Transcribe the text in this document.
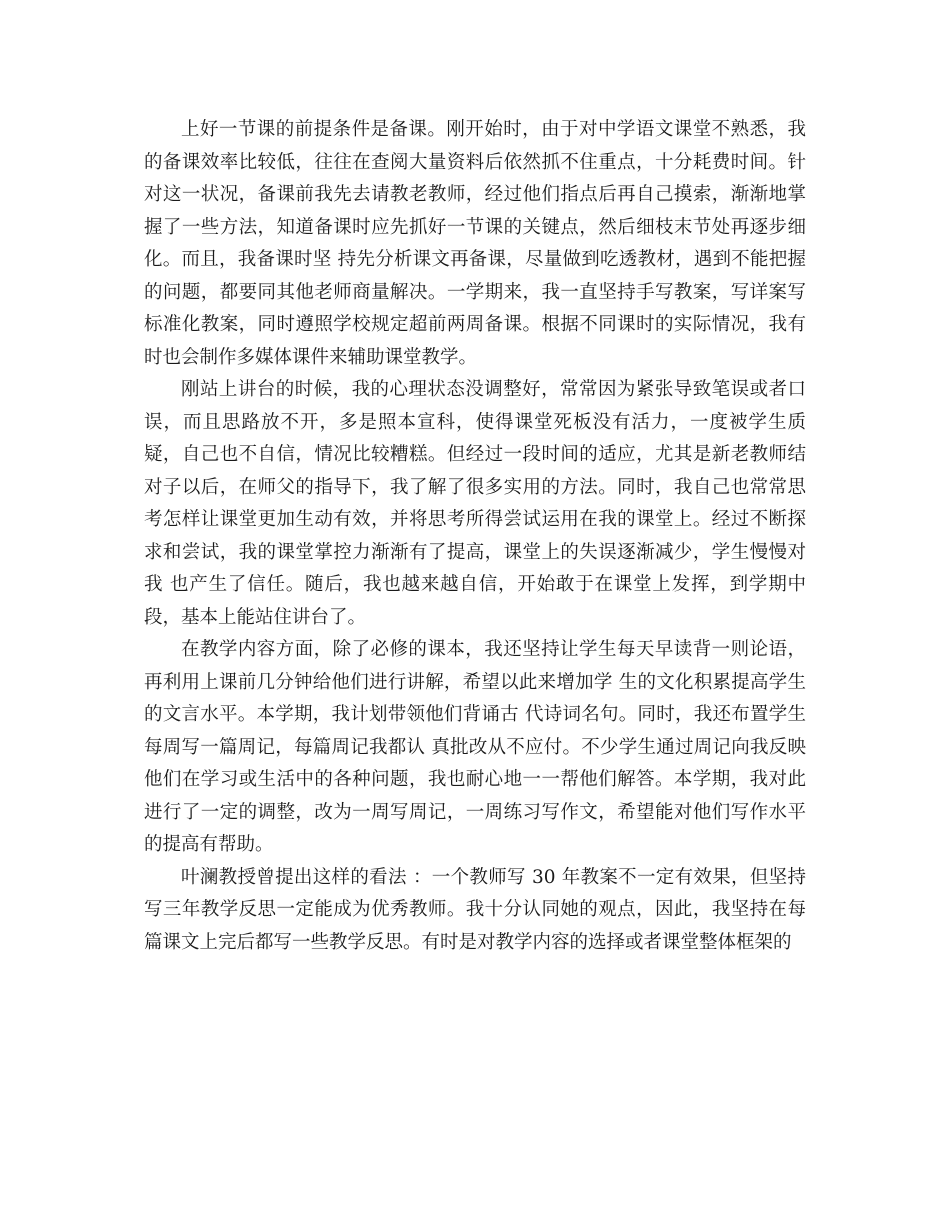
上好一节课的前提条件是备课。刚开始时，由于对中学语文课堂不熟悉，我的备课效率比较低，往往在查阅大量资料后依然抓不住重点，十分耗费时间。针对这一状况，备课前我先去请教老教师，经过他们指点后再自己摸索，渐渐地掌握了一些方法，知道备课时应先抓好一节课的关键点，然后细枝末节处再逐步细化。而且，我备课时坚 持先分析课文再备课，尽量做到吃透教材，遇到不能把握的问题，都要同其他老师商量解决。一学期来，我一直坚持手写教案，写详案写标准化教案，同时遵照学校规定超前两周备课。根据不同课时的实际情况，我有时也会制作多媒体课件来辅助课堂教学。

刚站上讲台的时候，我的心理状态没调整好，常常因为紧张导致笔误或者口误，而且思路放不开，多是照本宣科，使得课堂死板没有活力，一度被学生质疑，自己也不自信，情况比较糟糕。但经过一段时间的适应，尤其是新老教师结对子以后，在师父的指导下，我了解了很多实用的方法。同时，我自己也常常思考怎样让课堂更加生动有效，并将思考所得尝试运用在我的课堂上。经过不断探求和尝试，我的课堂掌控力渐渐有了提高，课堂上的失误逐渐减少，学生慢慢对我 也产生了信任。随后，我也越来越自信，开始敢于在课堂上发挥，到学期中段，基本上能站住讲台了。

在教学内容方面，除了必修的课本，我还坚持让学生每天早读背一则论语，再利用上课前几分钟给他们进行讲解，希望以此来增加学 生的文化积累提高学生的文言水平。本学期，我计划带领他们背诵古 代诗词名句。同时，我还布置学生每周写一篇周记，每篇周记我都认 真批改从不应付。不少学生通过周记向我反映他们在学习或生活中的各种问题，我也耐心地一一帮他们解答。本学期，我对此进行了一定的调整，改为一周写周记，一周练习写作文，希望能对他们写作水平的提高有帮助。

叶澜教授曾提出这样的看法 ：一个教师写 30 年教案不一定有效果，但坚持写三年教学反思一定能成为优秀教师。我十分认同她的观点，因此，我坚持在每篇课文上完后都写一些教学反思。有时是对教学内容的选择或者课堂整体框架的
